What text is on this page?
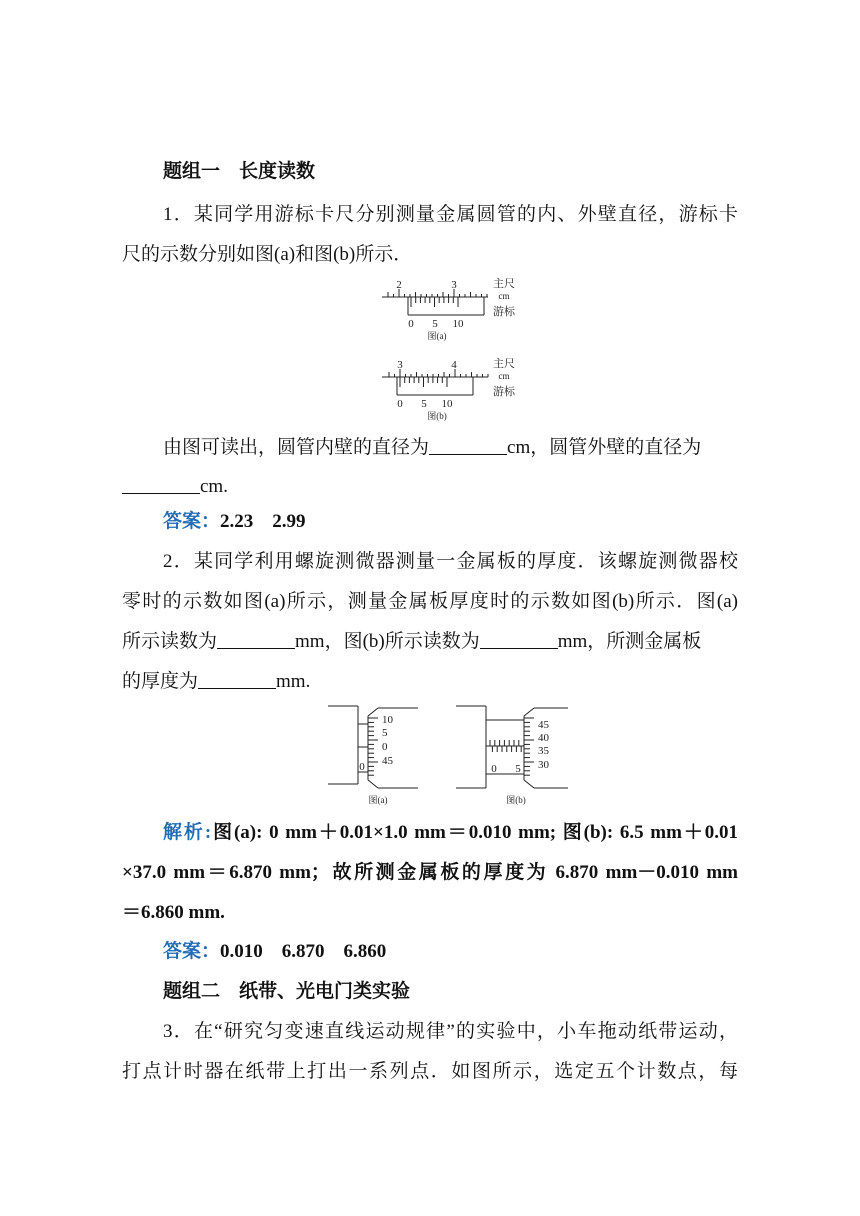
题组一　长度读数
1．某同学用游标卡尺分别测量金属圆管的内、外壁直径，游标卡
尺的示数分别如图(a)和图(b)所示．
2	3
0 5 10
主尺
cm
游标
图(a)
3	4
0 5 10
主尺
cm
游标
图(b)
由图可读出，圆管内壁的直径为	cm，圆管外壁的直径为
cm.
答案：2.23　2.99
2．某同学利用螺旋测微器测量一金属板的厚度．该螺旋测微器校
零时的示数如图(a)所示，测量金属板厚度时的示数如图(b)所示．图(a)
所示读数为	mm，图(b)所示读数为	mm，所测金属板
的厚度为	mm.
10
5
0
45
0
图(a)
45
40
35
30
0 5
图(b)
解析:图(a): 0 mm＋0.01×1.0 mm＝0.010 mm; 图(b): 6.5 mm＋0.01
×37.0 mm＝6.870 mm；故所测金属板的厚度为 6.870 mm－0.010 mm
＝6.860 mm.
答案：0.010　6.870　6.860
题组二　纸带、光电门类实验
3．在“研究匀变速直线运动规律”的实验中，小车拖动纸带运动，
打点计时器在纸带上打出一系列点．如图所示，选定五个计数点，每
